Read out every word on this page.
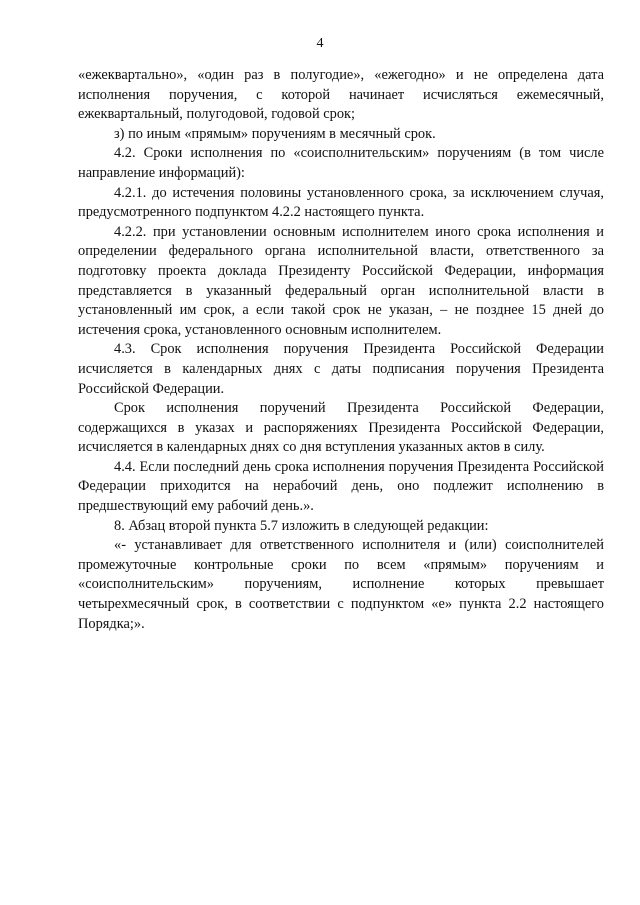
4

«ежеквартально», «один раз в полугодие», «ежегодно» и не определена дата исполнения поручения, с которой начинает исчисляться ежемесячный, ежеквартальный, полугодовой, годовой срок;

з) по иным «прямым» поручениям в месячный срок.

4.2. Сроки исполнения по «соисполнительским» поручениям (в том числе направление информаций):

4.2.1. до истечения половины установленного срока, за исключением случая, предусмотренного подпунктом 4.2.2 настоящего пункта.

4.2.2. при установлении основным исполнителем иного срока исполнения и определении федерального органа исполнительной власти, ответственного за подготовку проекта доклада Президенту Российской Федерации, информация представляется в указанный федеральный орган исполнительной власти в установленный им срок, а если такой срок не указан, – не позднее 15 дней до истечения срока, установленного основным исполнителем.

4.3. Срок исполнения поручения Президента Российской Федерации исчисляется в календарных днях с даты подписания поручения Президента Российской Федерации.

Срок исполнения поручений Президента Российской Федерации, содержащихся в указах и распоряжениях Президента Российской Федерации, исчисляется в календарных днях со дня вступления указанных актов в силу.

4.4. Если последний день срока исполнения поручения Президента Российской Федерации приходится на нерабочий день, оно подлежит исполнению в предшествующий ему рабочий день.».

8. Абзац второй пункта 5.7 изложить в следующей редакции:

«- устанавливает для ответственного исполнителя и (или) соисполнителей промежуточные контрольные сроки по всем «прямым» поручениям и «соисполнительским» поручениям, исполнение которых превышает четырехмесячный срок, в соответствии с подпунктом «е» пункта 2.2 настоящего Порядка;».
